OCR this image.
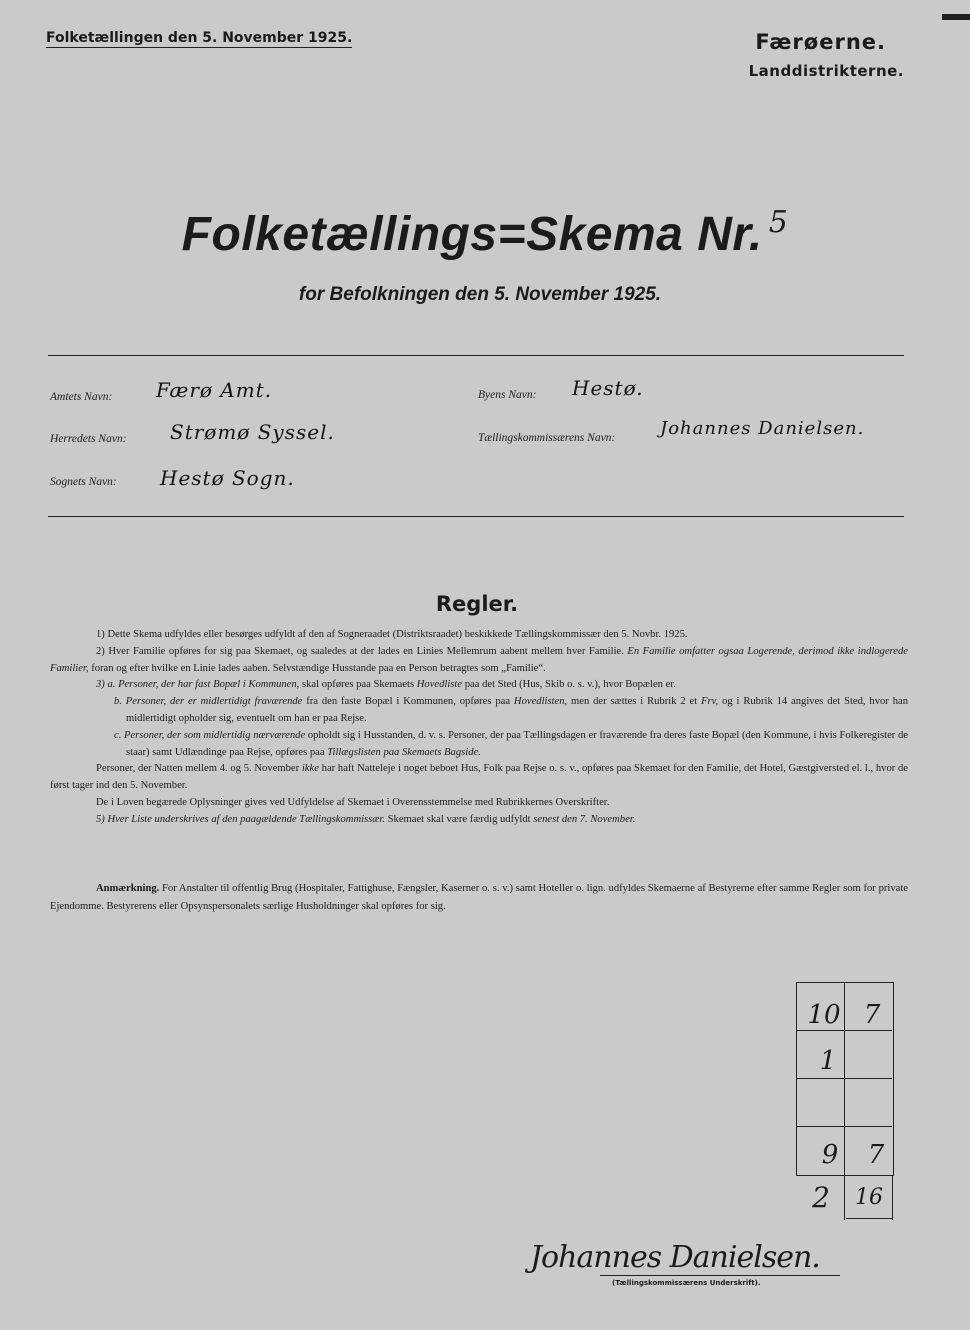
Folketællingen den 5. November 1925.	Færøerne.
Landdistrikterne.
Folketællings=Skema Nr. $^5$
for Befolkningen den 5. November 1925.
Amtets Navn: Færø Amt.
Herredets Navn: Strømø Syssel.
Sognets Navn: Hestø Sogn.
Byens Navn: Hestø.
Tællingskommissærens Navn: Johannes Danielsen.
Regler.

1) Dette Skema udfyldes eller besørges udfyldt af den af Sogneraadet (Distriktsraadet) beskikkede Tællingskommissær den 5. Novbr. 1925.

2) Hver Familie opføres for sig paa Skemaet, og saaledes at der lades en Linies Mellemrum aabent mellem hver Familie. En Familie omfatter ogsaa Logerende, derimod ikke indlogerede Familier, foran og efter hvilke en Linie lades aaben. Selvstændige Husstande paa en Person betragtes som „Familie“.

3) a. Personer, der har fast Bopæl i Kommunen, skal opføres paa Skemaets Hovedliste paa det Sted (Hus, Skib o. s. v.), hvor Bopælen er.

b. Personer, der er midlertidigt fraværende fra den faste Bopæl i Kommunen, opføres paa Hovedlisten, men der sættes i Rubrik 2 et Frv, og i Rubrik 14 angives det Sted, hvor han midlertidigt opholder sig, eventuelt om han er paa Rejse.

c. Personer, der som midlertidig nærværende opholdt sig i Husstanden, d. v. s. Personer, der paa Tællingsdagen er fraværende fra deres faste Bopæl (den Kommune, i hvis Folkeregister de staar) samt Udlændinge paa Rejse, opføres paa Tillægslisten paa Skemaets Bagside.

Personer, der Natten mellem 4. og 5. November ikke har haft Natteleje i noget beboet Hus, Folk paa Rejse o. s. v., opføres paa Skemaet for den Familie, det Hotel, Gæstgiversted el. l., hvor de først tager ind den 5. November.

De i Loven begærede Oplysninger gives ved Udfyldelse af Skemaet i Overensstemmelse med Rubrikkernes Overskrifter.

5) Hver Liste underskrives af den paagældende Tællingskommissær. Skemaet skal være færdig udfyldt senest den 7. November.

Anmærkning. For Anstalter til offentlig Brug (Hospitaler, Fattighuse, Fængsler, Kaserner o. s. v.) samt Hoteller o. lign. udfyldes Skemaerne af Bestyrerne efter samme Regler som for private Ejendomme. Bestyrerens eller Opsynspersonalets særlige Husholdninger skal opføres for sig.
10 7
1
9	7
2	16
Johannes Danielsen.
(Tællingskommissærens Underskrift).
